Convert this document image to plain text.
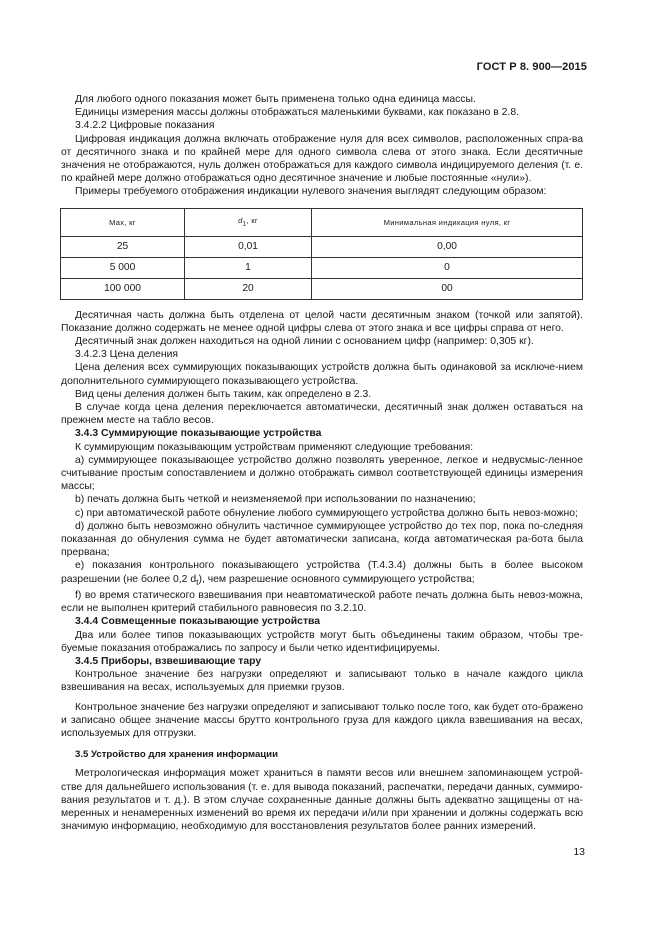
ГОСТ Р 8. 900—2015

Для любого одного показания может быть применена только одна единица массы.

Единицы измерения массы должны отображаться маленькими буквами, как показано в 2.8.

3.4.2.2 Цифровые показания

Цифровая индикация должна включать отображение нуля для всех символов, расположенных спра-ва от десятичного знака и по крайней мере для одного символа слева от этого знака. Если десятичные значения не отображаются, нуль должен отображаться для каждого символа индицируемого деления (т. е. по крайней мере должно отображаться одно десятичное значение и любые постоянные «нули»).

Примеры требуемого отображения индикации нулевого значения выглядят следующим образом:

Max, кг	$d_1$, кг	Минимальная индикация нуля, кг
25	0,01	0,00
5 000	1	0
100 000	20	00

Десятичная часть должна быть отделена от целой части десятичным знаком (точкой или запятой). Показание должно содержать не менее одной цифры слева от этого знака и все цифры справа от него.

Десятичный знак должен находиться на одной линии с основанием цифр (например: 0,305 кг).

3.4.2.3 Цена деления

Цена деления всех суммирующих показывающих устройств должна быть одинаковой за исключе-нием дополнительного суммирующего показывающего устройства.

Вид цены деления должен быть таким, как определено в 2.3.

В случае когда цена деления переключается автоматически, десятичный знак должен оставаться на прежнем месте на табло весов.

3.4.3 Суммирующие показывающие устройства

К суммирующим показывающим устройствам применяют следующие требования:

а) суммирующее показывающее устройство должно позволять уверенное, легкое и недвусмыс-ленное считывание простым сопоставлением и должно отображать символ соответствующей единицы измерения массы;

b) печать должна быть четкой и неизменяемой при использовании по назначению;

с) при автоматической работе обнуление любого суммирующего устройства должно быть невоз-можно;

d) должно быть невозможно обнулить частичное суммирующее устройство до тех пор, пока по-следняя показанная до обнуления сумма не будет автоматически записана, когда автоматическая ра-бота была прервана;

е) показания контрольного показывающего устройства (Т.4.3.4) должны быть в более высоком разрешении (не более 0,2 $d_t$), чем разрешение основного суммирующего устройства;

f) во время статического взвешивания при неавтоматической работе печать должна быть невоз-можна, если не выполнен критерий стабильного равновесия по 3.2.10.

3.4.4 Совмещенные показывающие устройства

Два или более типов показывающих устройств могут быть объединены таким образом, чтобы тре-буемые показания отображались по запросу и были четко идентифицируемы.

3.4.5 Приборы, взвешивающие тару

Контрольное значение без нагрузки определяют и записывают только в начале каждого цикла взвешивания на весах, используемых для приемки грузов.

Контрольное значение без нагрузки определяют и записывают только после того, как будет ото-бражено и записано общее значение массы брутто контрольного груза для каждого цикла взвешивания на весах, используемых для отгрузки.

3.5 Устройство для хранения информации

Метрологическая информация может храниться в памяти весов или внешнем запоминающем устрой-стве для дальнейшего использования (т. е. для вывода показаний, распечатки, передачи данных, суммиро-вания результатов и т. д.). В этом случае сохраненные данные должны быть адекватно защищены от на-меренных и ненамеренных изменений во время их передачи и/или при хранении и должны содержать всю значимую информацию, необходимую для восстановления результатов более ранних измерений.

13
